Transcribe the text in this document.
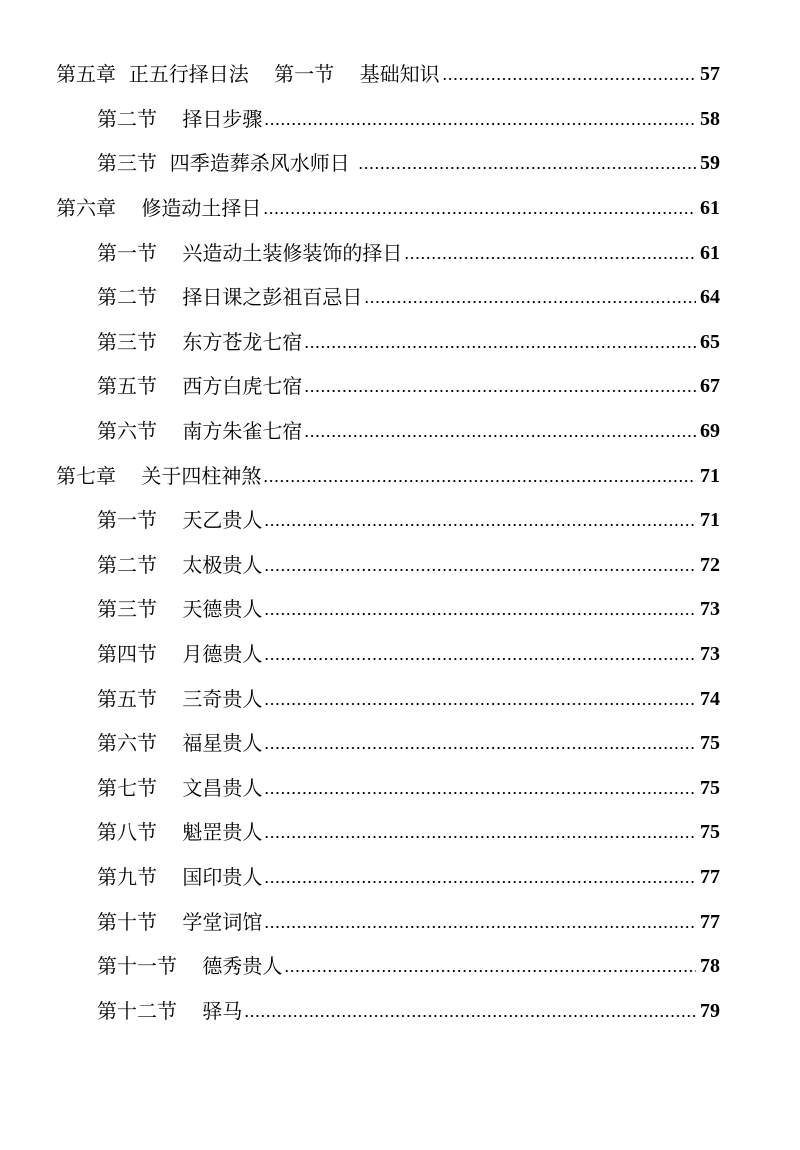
第五章  正五行择日法    第一节    基础知识	57
第二节    择日步骤	58
第三节  四季造葬杀风水师日	59
第六章    修造动土择日	61
第一节    兴造动土装修装饰的择日	61
第二节    择日课之彭祖百忌日	64
第三节    东方苍龙七宿	65
第五节    西方白虎七宿	67
第六节    南方朱雀七宿	69
第七章    关于四柱神煞	71
第一节    天乙贵人	71
第二节    太极贵人	72
第三节    天德贵人	73
第四节    月德贵人	73
第五节    三奇贵人	74
第六节    福星贵人	75
第七节    文昌贵人	75
第八节    魁罡贵人	75
第九节    国印贵人	77
第十节    学堂词馆	77
第十一节    德秀贵人	78
第十二节    驿马	79
